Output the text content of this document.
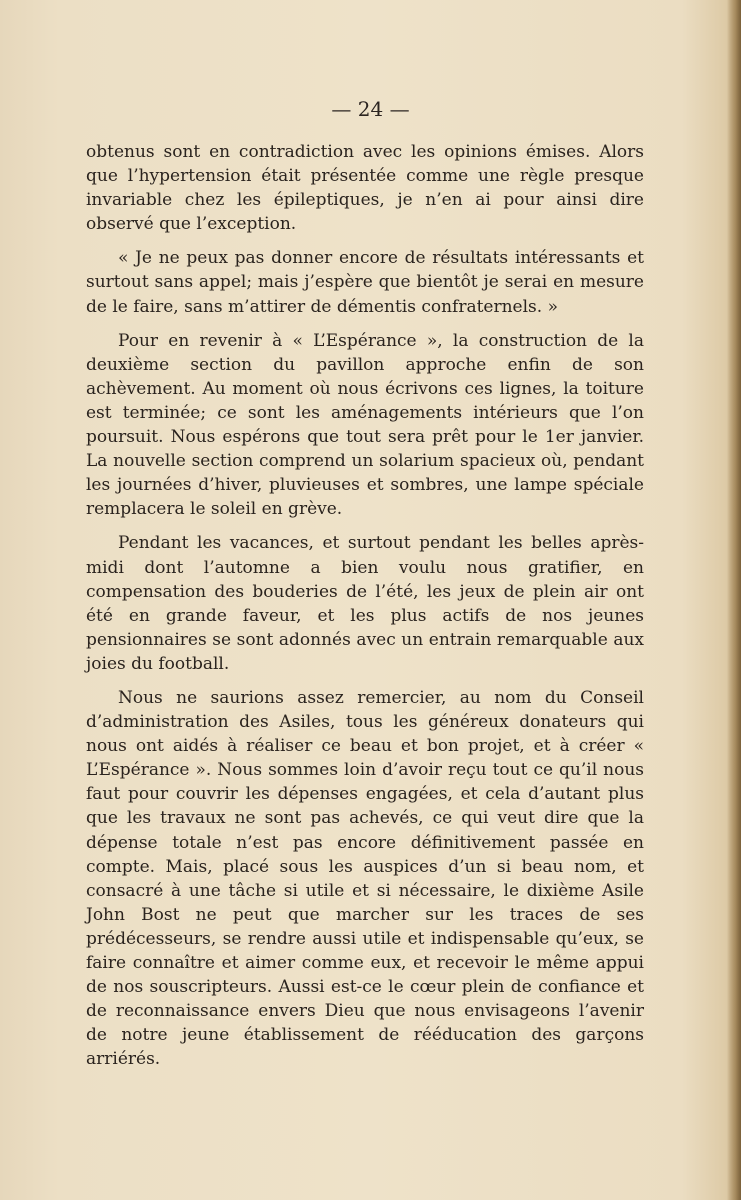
— 24 —

obtenus sont en contradiction avec les opinions émises. Alors que l’hypertension était présentée comme une règle presque invariable chez les épileptiques, je n’en ai pour ainsi dire observé que l’exception.

« Je ne peux pas donner encore de résultats intéressants et surtout sans appel; mais j’espère que bientôt je serai en mesure de le faire, sans m’attirer de démentis confraternels. »

Pour en revenir à « L’Espérance », la construction de la deuxième section du pavillon approche enfin de son achèvement. Au moment où nous écrivons ces lignes, la toiture est terminée; ce sont les aménagements intérieurs que l’on poursuit. Nous espérons que tout sera prêt pour le 1er janvier. La nouvelle section comprend un solarium spacieux où, pendant les journées d’hiver, pluvieuses et sombres, une lampe spéciale remplacera le soleil en grève.

Pendant les vacances, et surtout pendant les belles après-midi dont l’automne a bien voulu nous gratifier, en compensation des bouderies de l’été, les jeux de plein air ont été en grande faveur, et les plus actifs de nos jeunes pensionnaires se sont adonnés avec un entrain remarquable aux joies du football.

Nous ne saurions assez remercier, au nom du Conseil d’administration des Asiles, tous les généreux donateurs qui nous ont aidés à réaliser ce beau et bon projet, et à créer « L’Espérance ». Nous sommes loin d’avoir reçu tout ce qu’il nous faut pour couvrir les dépenses engagées, et cela d’autant plus que les travaux ne sont pas achevés, ce qui veut dire que la dépense totale n’est pas encore définitivement passée en compte. Mais, placé sous les auspices d’un si beau nom, et consacré à une tâche si utile et si nécessaire, le dixième Asile John Bost ne peut que marcher sur les traces de ses prédécesseurs, se rendre aussi utile et indispensable qu’eux, se faire connaître et aimer comme eux, et recevoir le même appui de nos souscripteurs. Aussi est-ce le cœur plein de confiance et de reconnaissance envers Dieu que nous envisageons l’avenir de notre jeune établissement de rééducation des garçons arriérés.
